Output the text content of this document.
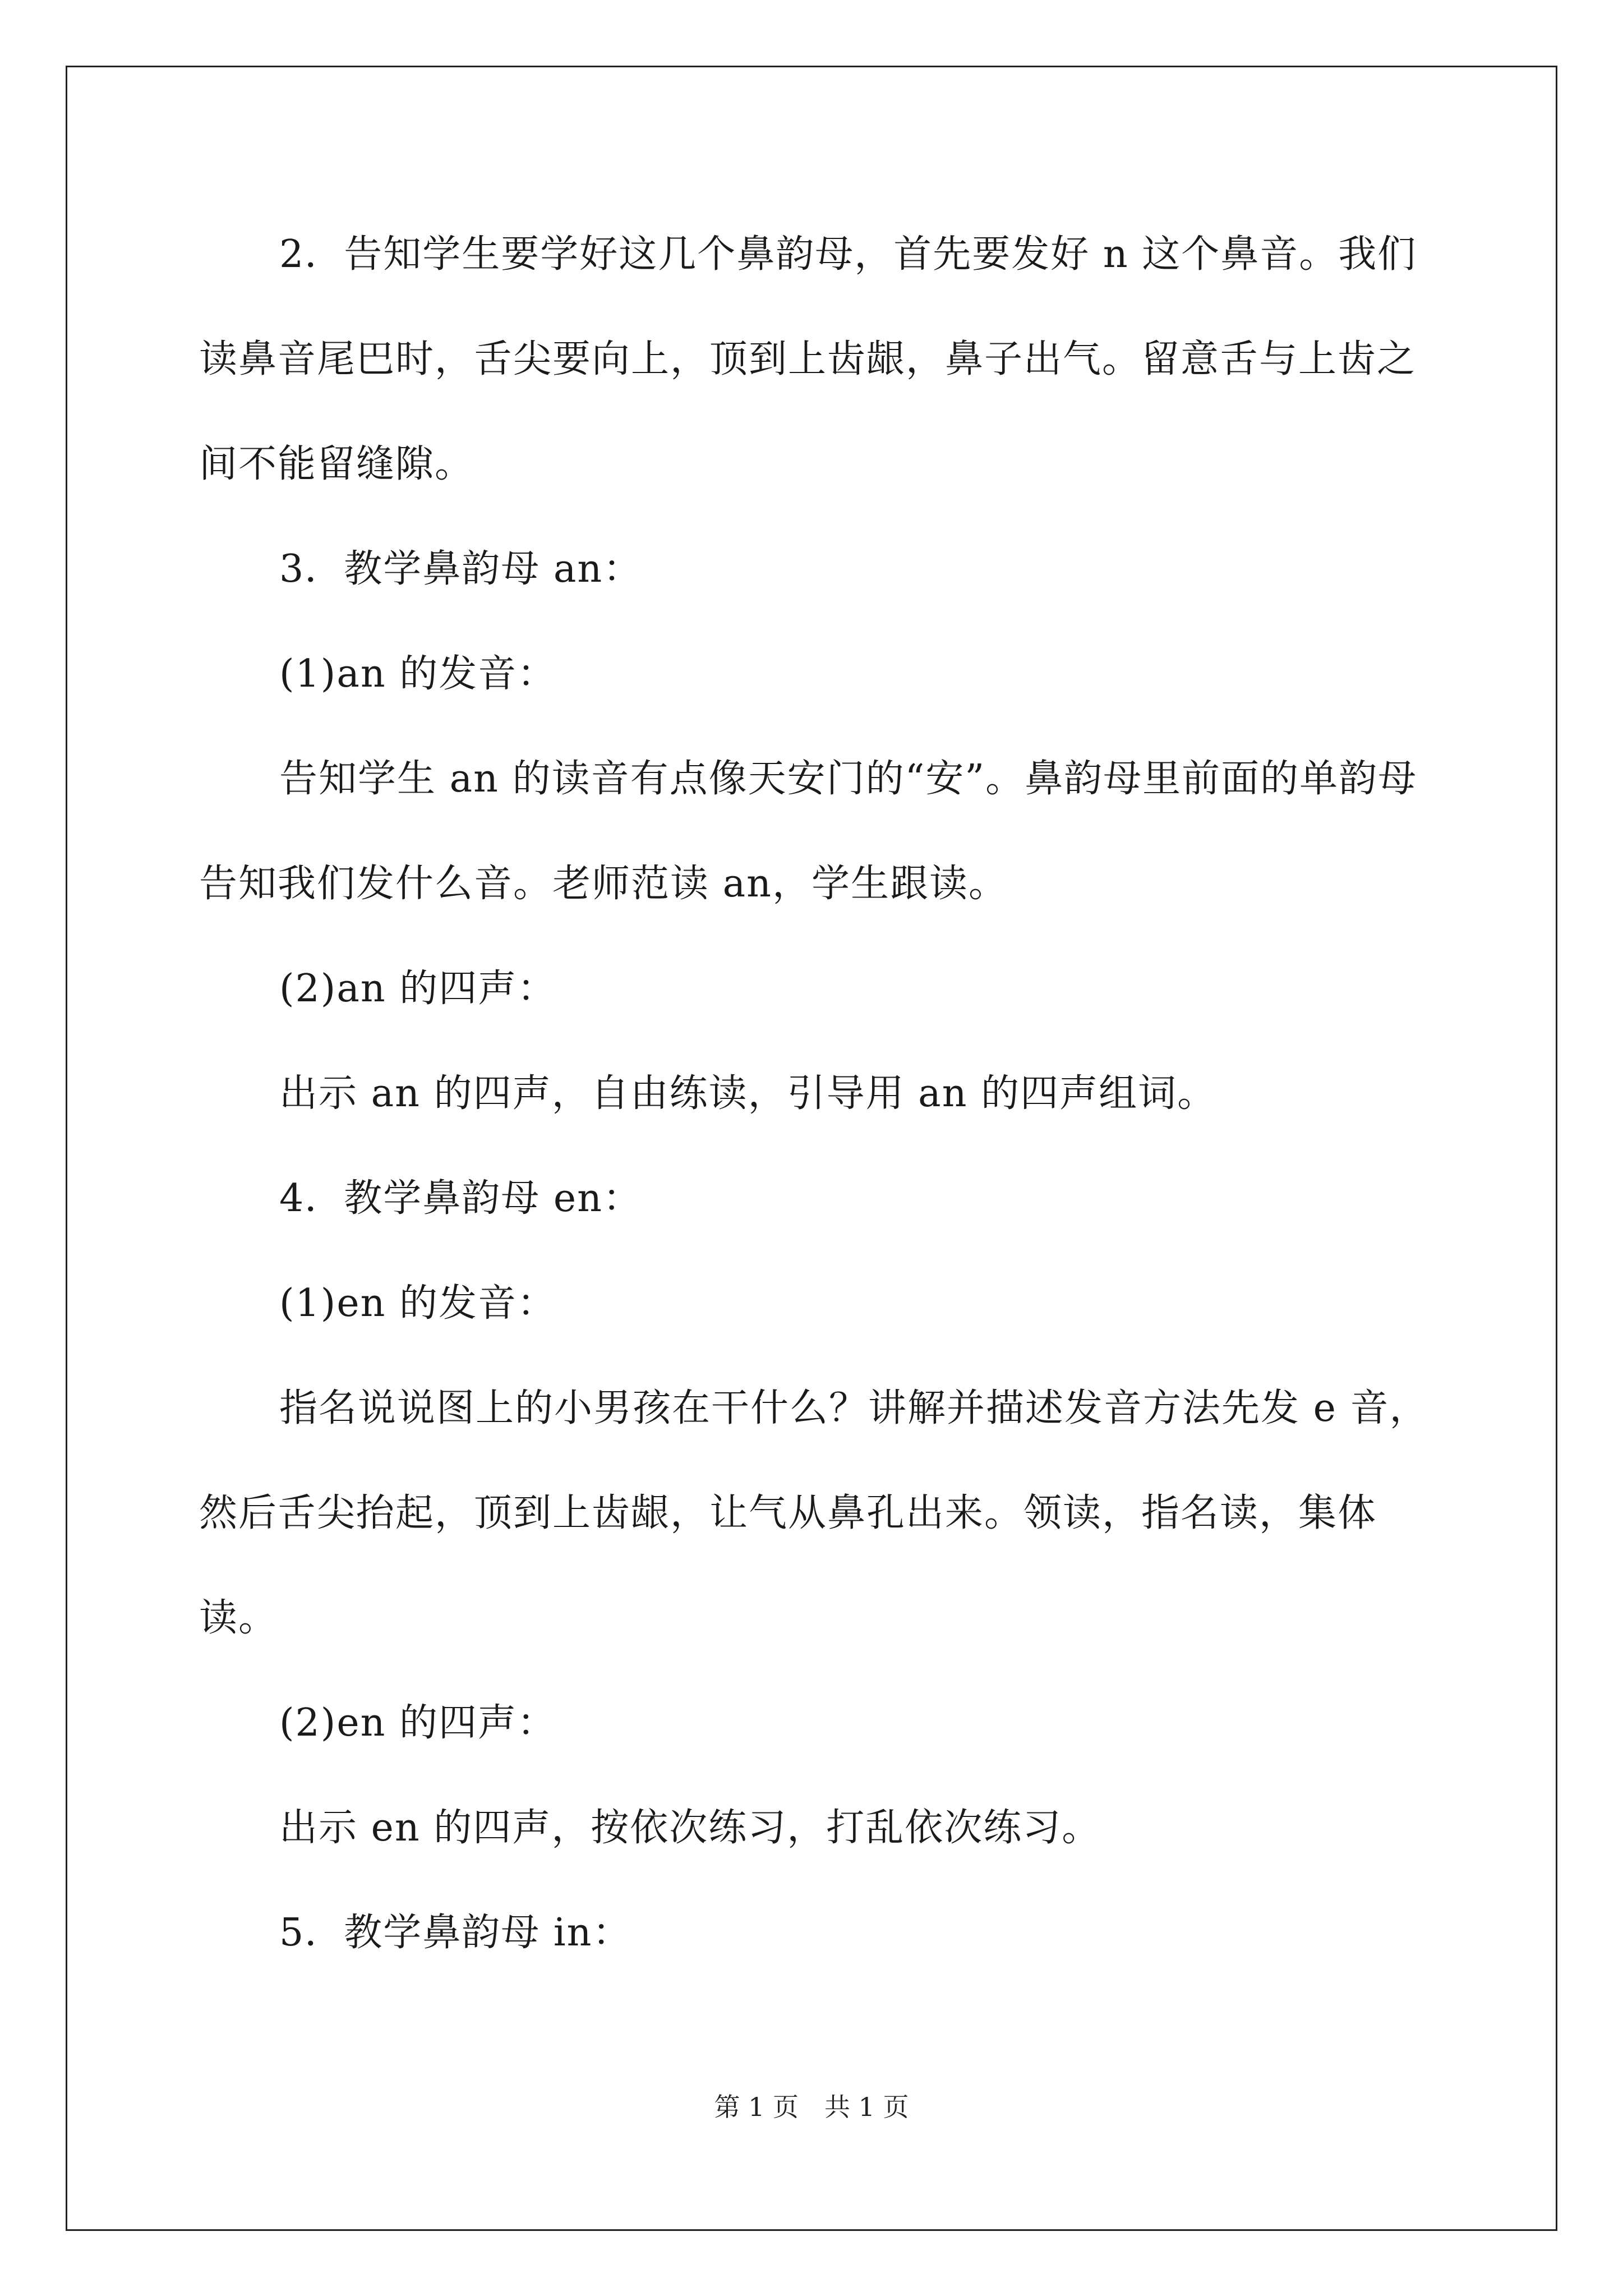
2．告知学生要学好这几个鼻韵母，首先要发好 n 这个鼻音。我们读鼻音尾巴时，舌尖要向上，顶到上齿龈，鼻子出气。留意舌与上齿之间不能留缝隙。

3．教学鼻韵母 an：

(1)an 的发音：

告知学生 an 的读音有点像天安门的“安”。鼻韵母里前面的单韵母告知我们发什么音。老师范读 an，学生跟读。

(2)an 的四声：

出示 an 的四声，自由练读，引导用 an 的四声组词。

4．教学鼻韵母 en：

(1)en 的发音：

指名说说图上的小男孩在干什么？讲解并描述发音方法先发 e 音，然后舌尖抬起，顶到上齿龈，让气从鼻孔出来。领读，指名读，集体读。

(2)en 的四声：

出示 en 的四声，按依次练习，打乱依次练习。

5．教学鼻韵母 in：

第 1 页　共 1 页
